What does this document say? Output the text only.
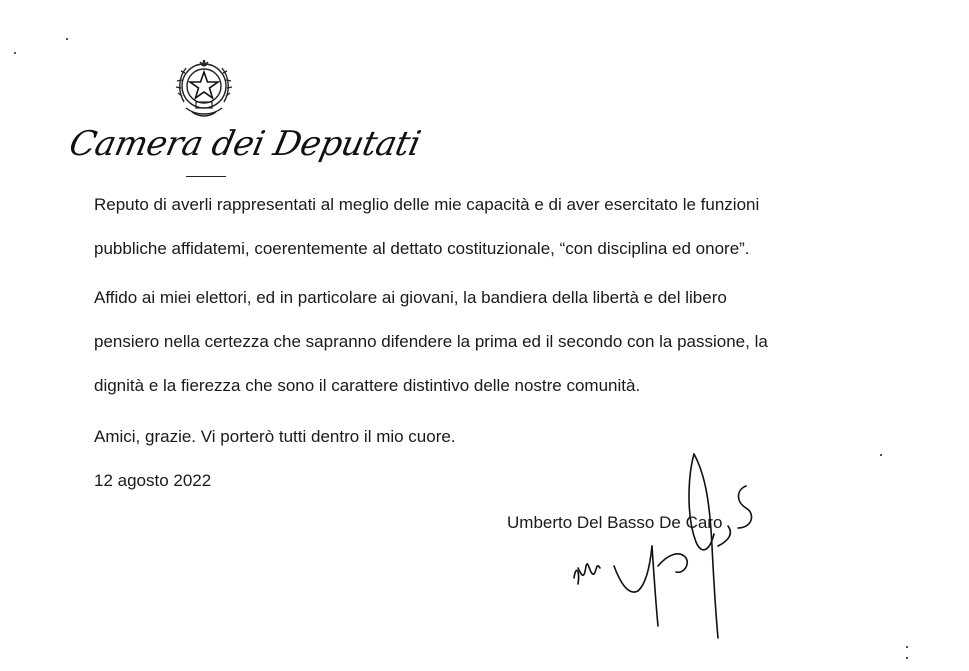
Camera dei Deputati
Reputo di averli rappresentati al meglio delle mie capacità e di aver esercitato le funzioni
pubbliche affidatemi, coerentemente al dettato costituzionale, “con disciplina ed onore”.
Affido ai miei elettori, ed in particolare ai giovani, la bandiera della libertà e del libero
pensiero nella certezza che sapranno difendere la prima ed il secondo con la passione, la
dignità e la fierezza che sono il carattere distintivo delle nostre comunità.
Amici, grazie. Vi porterò tutti dentro il mio cuore.
12 agosto 2022
Umberto Del Basso De Caro
